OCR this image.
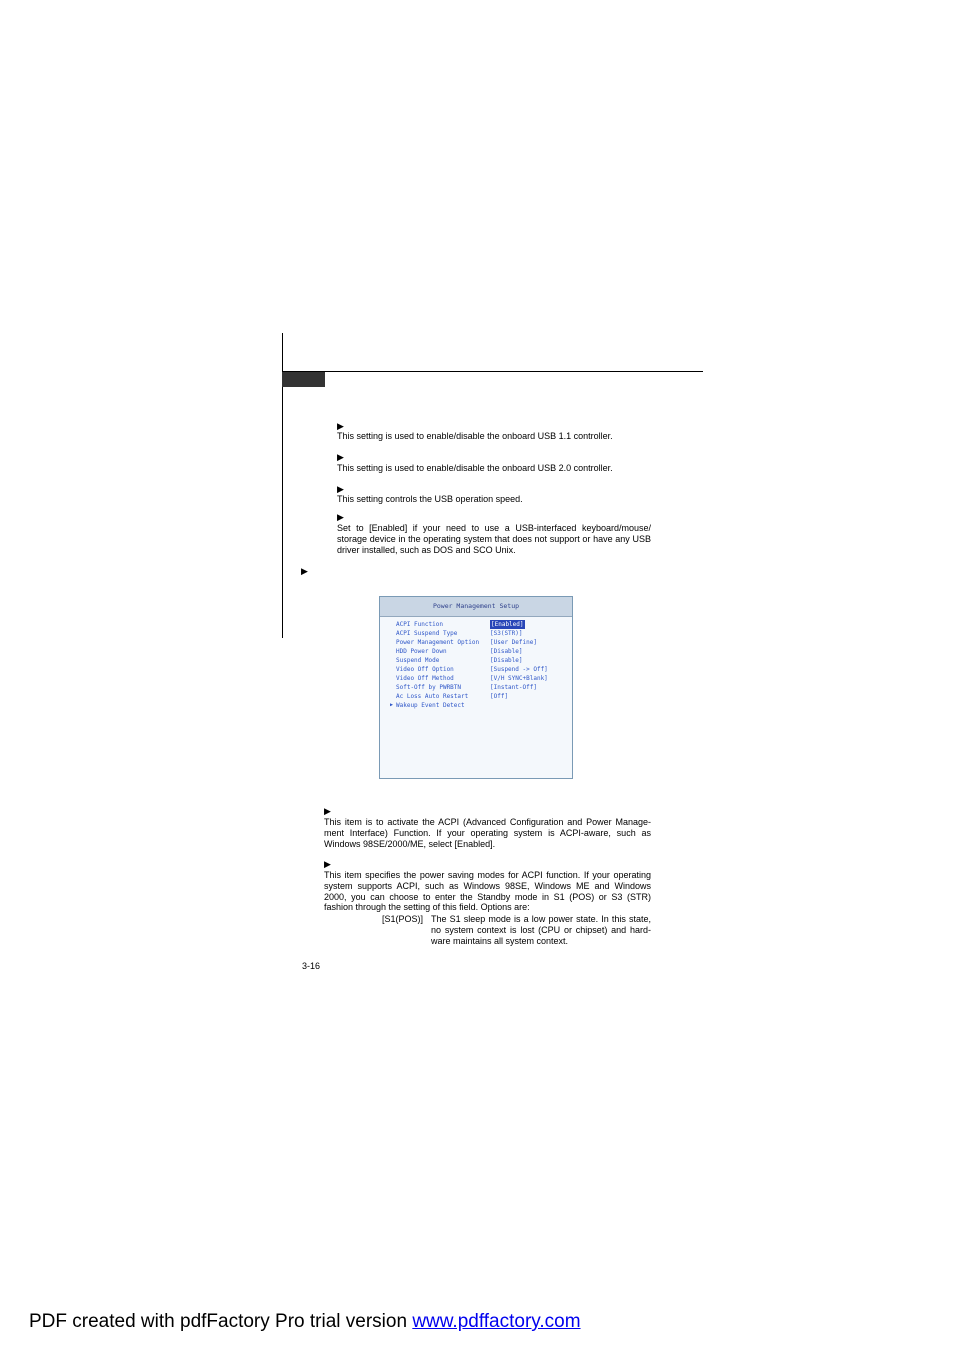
▶
This setting is used to enable/disable the onboard USB 1.1 controller.
▶
This setting is used to enable/disable the onboard USB 2.0 controller.
▶
This setting controls the USB operation speed.
▶
Set to [Enabled] if your need to use a USB-interfaced keyboard/mouse/ storage device in the operating system that does not support or have any USB driver installed, such as DOS and SCO Unix.
▶
Power Management Setup
ACPI Function	[Enabled]
ACPI Suspend Type	[S3(STR)]
Power Management Option [User Define]
HDD Power Down	[Disable]
Suspend Mode	[Disable]
Video Off Option	[Suspend -> Off]
Video Off Method	[V/H SYNC+Blank]
Soft-Off by PWRBTN	[Instant-Off]
Ac Loss Auto Restart	[Off]
▶ Wakeup Event Detect
▶
This item is to activate the ACPI (Advanced Configuration and Power Manage- ment Interface) Function. If your operating system is ACPI-aware, such as Windows 98SE/2000/ME, select [Enabled].
▶
This item specifies the power saving modes for ACPI function. If your operating system supports ACPI, such as Windows 98SE, Windows ME and Windows 2000, you can choose to enter the Standby mode in S1 (POS) or S3 (STR) fashion through the setting of this field. Options are:
[S1(POS)] The S1 sleep mode is a low power state. In this state, no system context is lost (CPU or chipset) and hard- ware maintains all system context.
3-16
PDF created with pdfFactory Pro trial version www.pdffactory.com
